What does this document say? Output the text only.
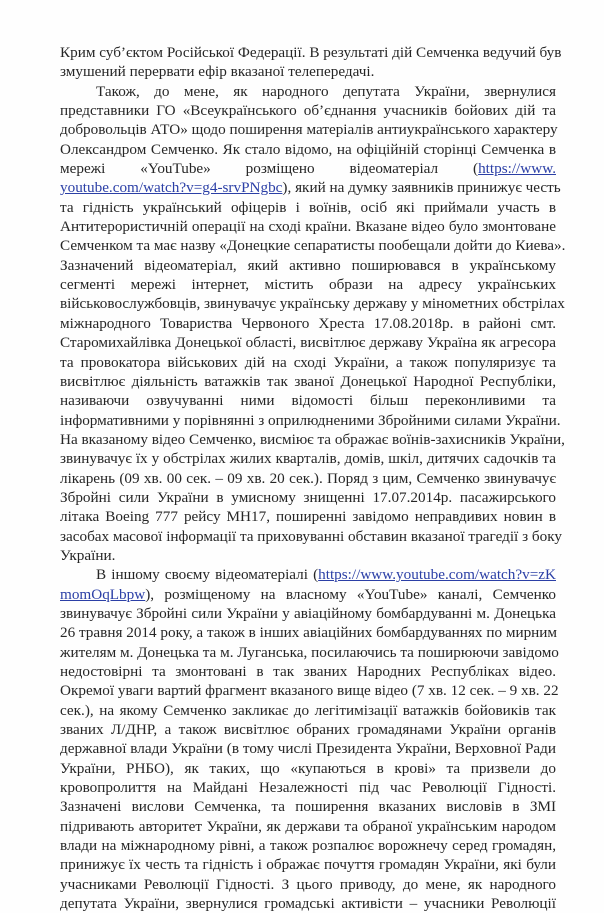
Крим суб’єктом Російської Федерації. В результаті дій Семченка ведучий був
змушений перервати ефір вказаної телепередачі.
Також, до мене, як народного депутата України, звернулися
представники ГО «Всеукраїнського об’єднання учасників бойових дій та
добровольців АТО» щодо поширення матеріалів антиукраїнського характеру
Олександром Семченко. Як стало відомо, на офіційній сторінці Семченка в
мережі «YouTube» розміщено відеоматеріал (https://www.
youtube.com/watch?v=g4-srvPNgbc), який на думку заявників принижує честь
та гідність український офіцерів і воїнів, осіб які приймали участь в
Антитерористичній операції на сході країни. Вказане відео було змонтоване
Семченком та має назву «Донецкие сепаратисты пообещали дойти до Киева».
Зазначений відеоматеріал, який активно поширювався в українському
сегменті мережі інтернет, містить образи на адресу українських
військовослужбовців, звинувачує українську державу у мінометних обстрілах
міжнародного Товариства Червоного Хреста 17.08.2018р. в районі смт.
Старомихайлівка Донецької області, висвітлює державу Україна як агресора
та провокатора військових дій на сході України, а також популяризує та
висвітлює діяльність ватажків так званої Донецької Народної Республіки,
називаючи озвучуванні ними відомості більш переконливими та
інформативними у порівнянні з оприлюдненими Збройними силами України.
На вказаному відео Семченко, висміює та ображає воїнів-захисників України,
звинувачує їх у обстрілах жилих кварталів, домів, шкіл, дитячих садочків та
лікарень (09 хв. 00 сек. – 09 хв. 20 сек.). Поряд з цим, Семченко звинувачує
Збройні сили України в умисному знищенні 17.07.2014р. пасажирського
літака Boeing 777 рейсу МН17, поширенні завідомо неправдивих новин в
засобах масової інформації та приховуванні обставин вказаної трагедії з боку
України.
В іншому своєму відеоматеріалі (https://www.youtube.com/watch?v=zK
momOqLbpw), розміщеному на власному «YouTube» каналі, Семченко
звинувачує Збройні сили України у авіаційному бомбардуванні м. Донецька
26 травня 2014 року, а також в інших авіаційних бомбардуваннях по мирним
жителям м. Донецька та м. Луганська, посилаючись та поширюючи завідомо
недостовірні та змонтовані в так званих Народних Республіках відео.
Окремої уваги вартий фрагмент вказаного вище відео (7 хв. 12 сек. – 9 хв. 22
сек.), на якому Семченко закликає до легітимізації ватажків бойовиків так
званих Л/ДНР, а також висвітлює обраних громадянами України органів
державної влади України (в тому числі Президента України, Верховної Ради
України, РНБО), як таких, що «купаються в крові» та призвели до
кровопролиття на Майдані Незалежності під час Революції Гідності.
Зазначені вислови Семченка, та поширення вказаних висловів в ЗМІ
підривають авторитет України, як держави та обраної українським народом
влади на міжнародному рівні, а також розпалює ворожнечу серед громадян,
принижує їх честь та гідність і ображає почуття громадян України, які були
учасниками Революції Гідності. З цього приводу, до мене, як народного
депутата України, звернулися громадські активісти – учасники Революції
